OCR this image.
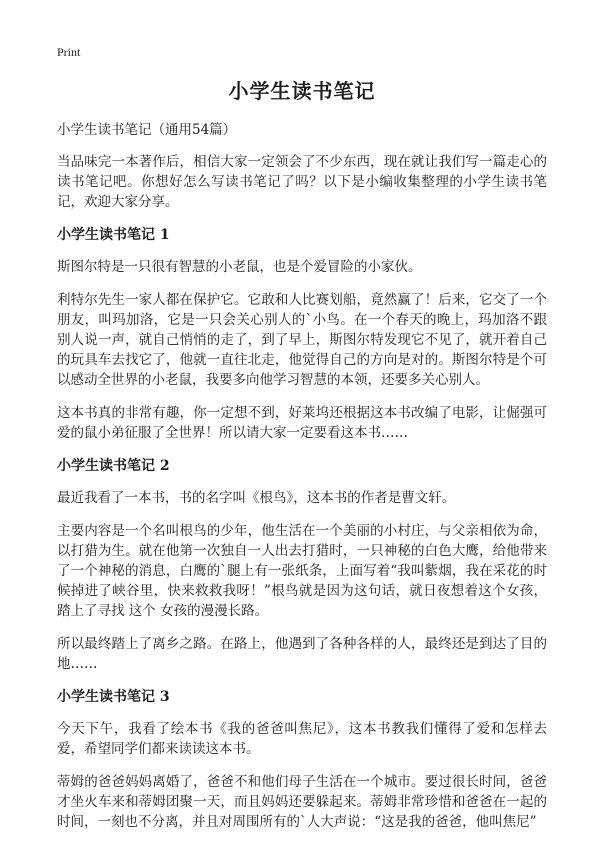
Print
小学生读书笔记
小学生读书笔记（通用54篇）

当品味完一本著作后，相信大家一定领会了不少东西，现在就让我们写一篇走心的读书笔记吧。你想好怎么写读书笔记了吗？以下是小编收集整理的小学生读书笔记，欢迎大家分享。

小学生读书笔记 1

斯图尔特是一只很有智慧的小老鼠，也是个爱冒险的小家伙。

利特尔先生一家人都在保护它。它敢和人比赛划船，竟然赢了！后来，它交了一个朋友，叫玛加洛，它是一只会关心别人的`小鸟。在一个春天的晚上，玛加洛不跟别人说一声，就自己悄悄的走了，到了早上，斯图尔特发现它不见了，就开着自己的玩具车去找它了，他就一直往北走，他觉得自己的方向是对的。斯图尔特是个可以感动全世界的小老鼠，我要多向他学习智慧的本领，还要多关心别人。

这本书真的非常有趣，你一定想不到，好莱坞还根据这本书改编了电影，让倔强可爱的鼠小弟征服了全世界！所以请大家一定要看这本书……

小学生读书笔记 2

最近我看了一本书，书的名字叫《根鸟》，这本书的作者是曹文轩。

主要内容是一个名叫根鸟的少年，他生活在一个美丽的小村庄，与父亲相依为命，以打猎为生。就在他第一次独自一人出去打猎时，一只神秘的白色大鹰，给他带来了一个神秘的消息，白鹰的`腿上有一张纸条，上面写着“我叫紫烟，我在采花的时候掉进了峡谷里，快来救救我呀！”根鸟就是因为这句话，就日夜想着这个女孩，踏上了寻找 这个 女孩的漫漫长路。

所以最终踏上了离乡之路。在路上，他遇到了各种各样的人，最终还是到达了目的地……

小学生读书笔记 3

今天下午，我看了绘本书《我的爸爸叫焦尼》，这本书教我们懂得了爱和怎样去爱，希望同学们都来读读这本书。

蒂姆的爸爸妈妈离婚了，爸爸不和他们母子生活在一个城市。要过很长时间，爸爸才坐火车来和蒂姆团聚一天，而且妈妈还要躲起来。蒂姆非常珍惜和爸爸在一起的时间，一刻也不分离，并且对周围所有的`人大声说：“这是我的爸爸，他叫焦尼”
